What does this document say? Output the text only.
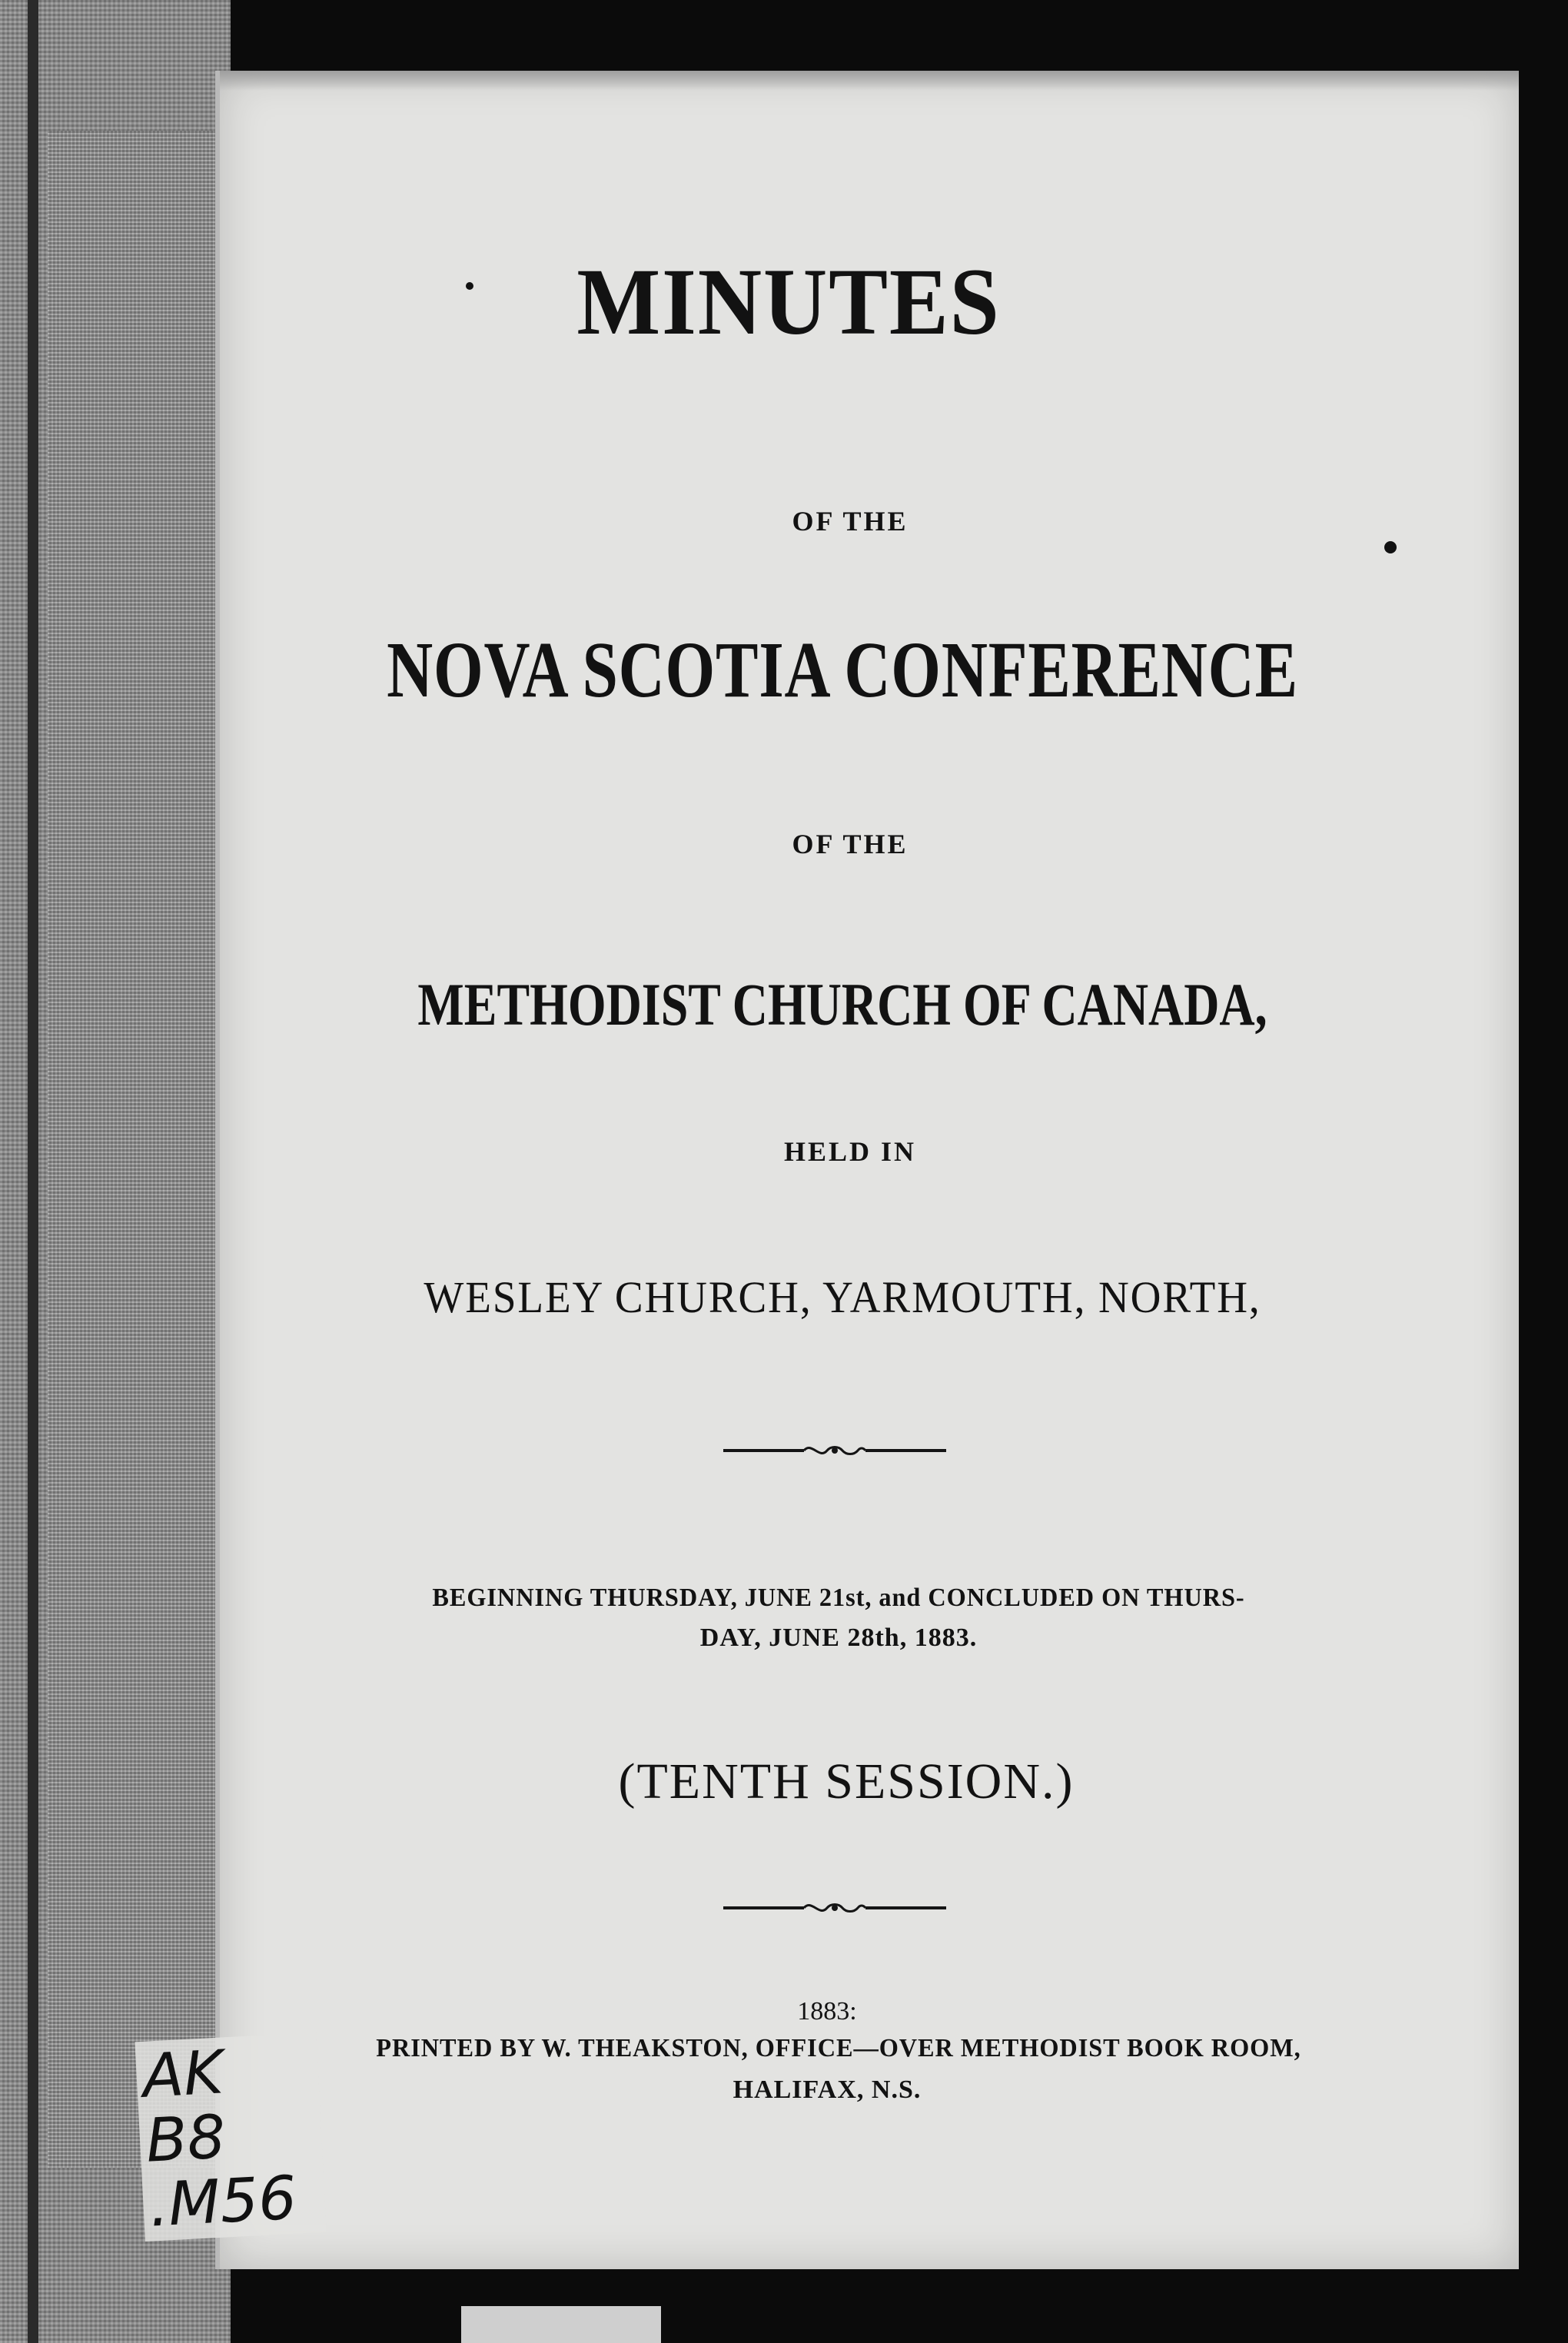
MINUTES
OF THE
NOVA SCOTIA CONFERENCE
OF THE
METHODIST CHURCH OF CANADA,
HELD IN
WESLEY CHURCH, YARMOUTH, NORTH,
BEGINNING THURSDAY, JUNE 21st, and CONCLUDED ON THURS-
DAY, JUNE 28th, 1883.
(TENTH SESSION.)
1883:
PRINTED BY W. THEAKSTON, OFFICE—OVER METHODIST BOOK ROOM,
HALIFAX, N.S.
AK
B8
.M56
